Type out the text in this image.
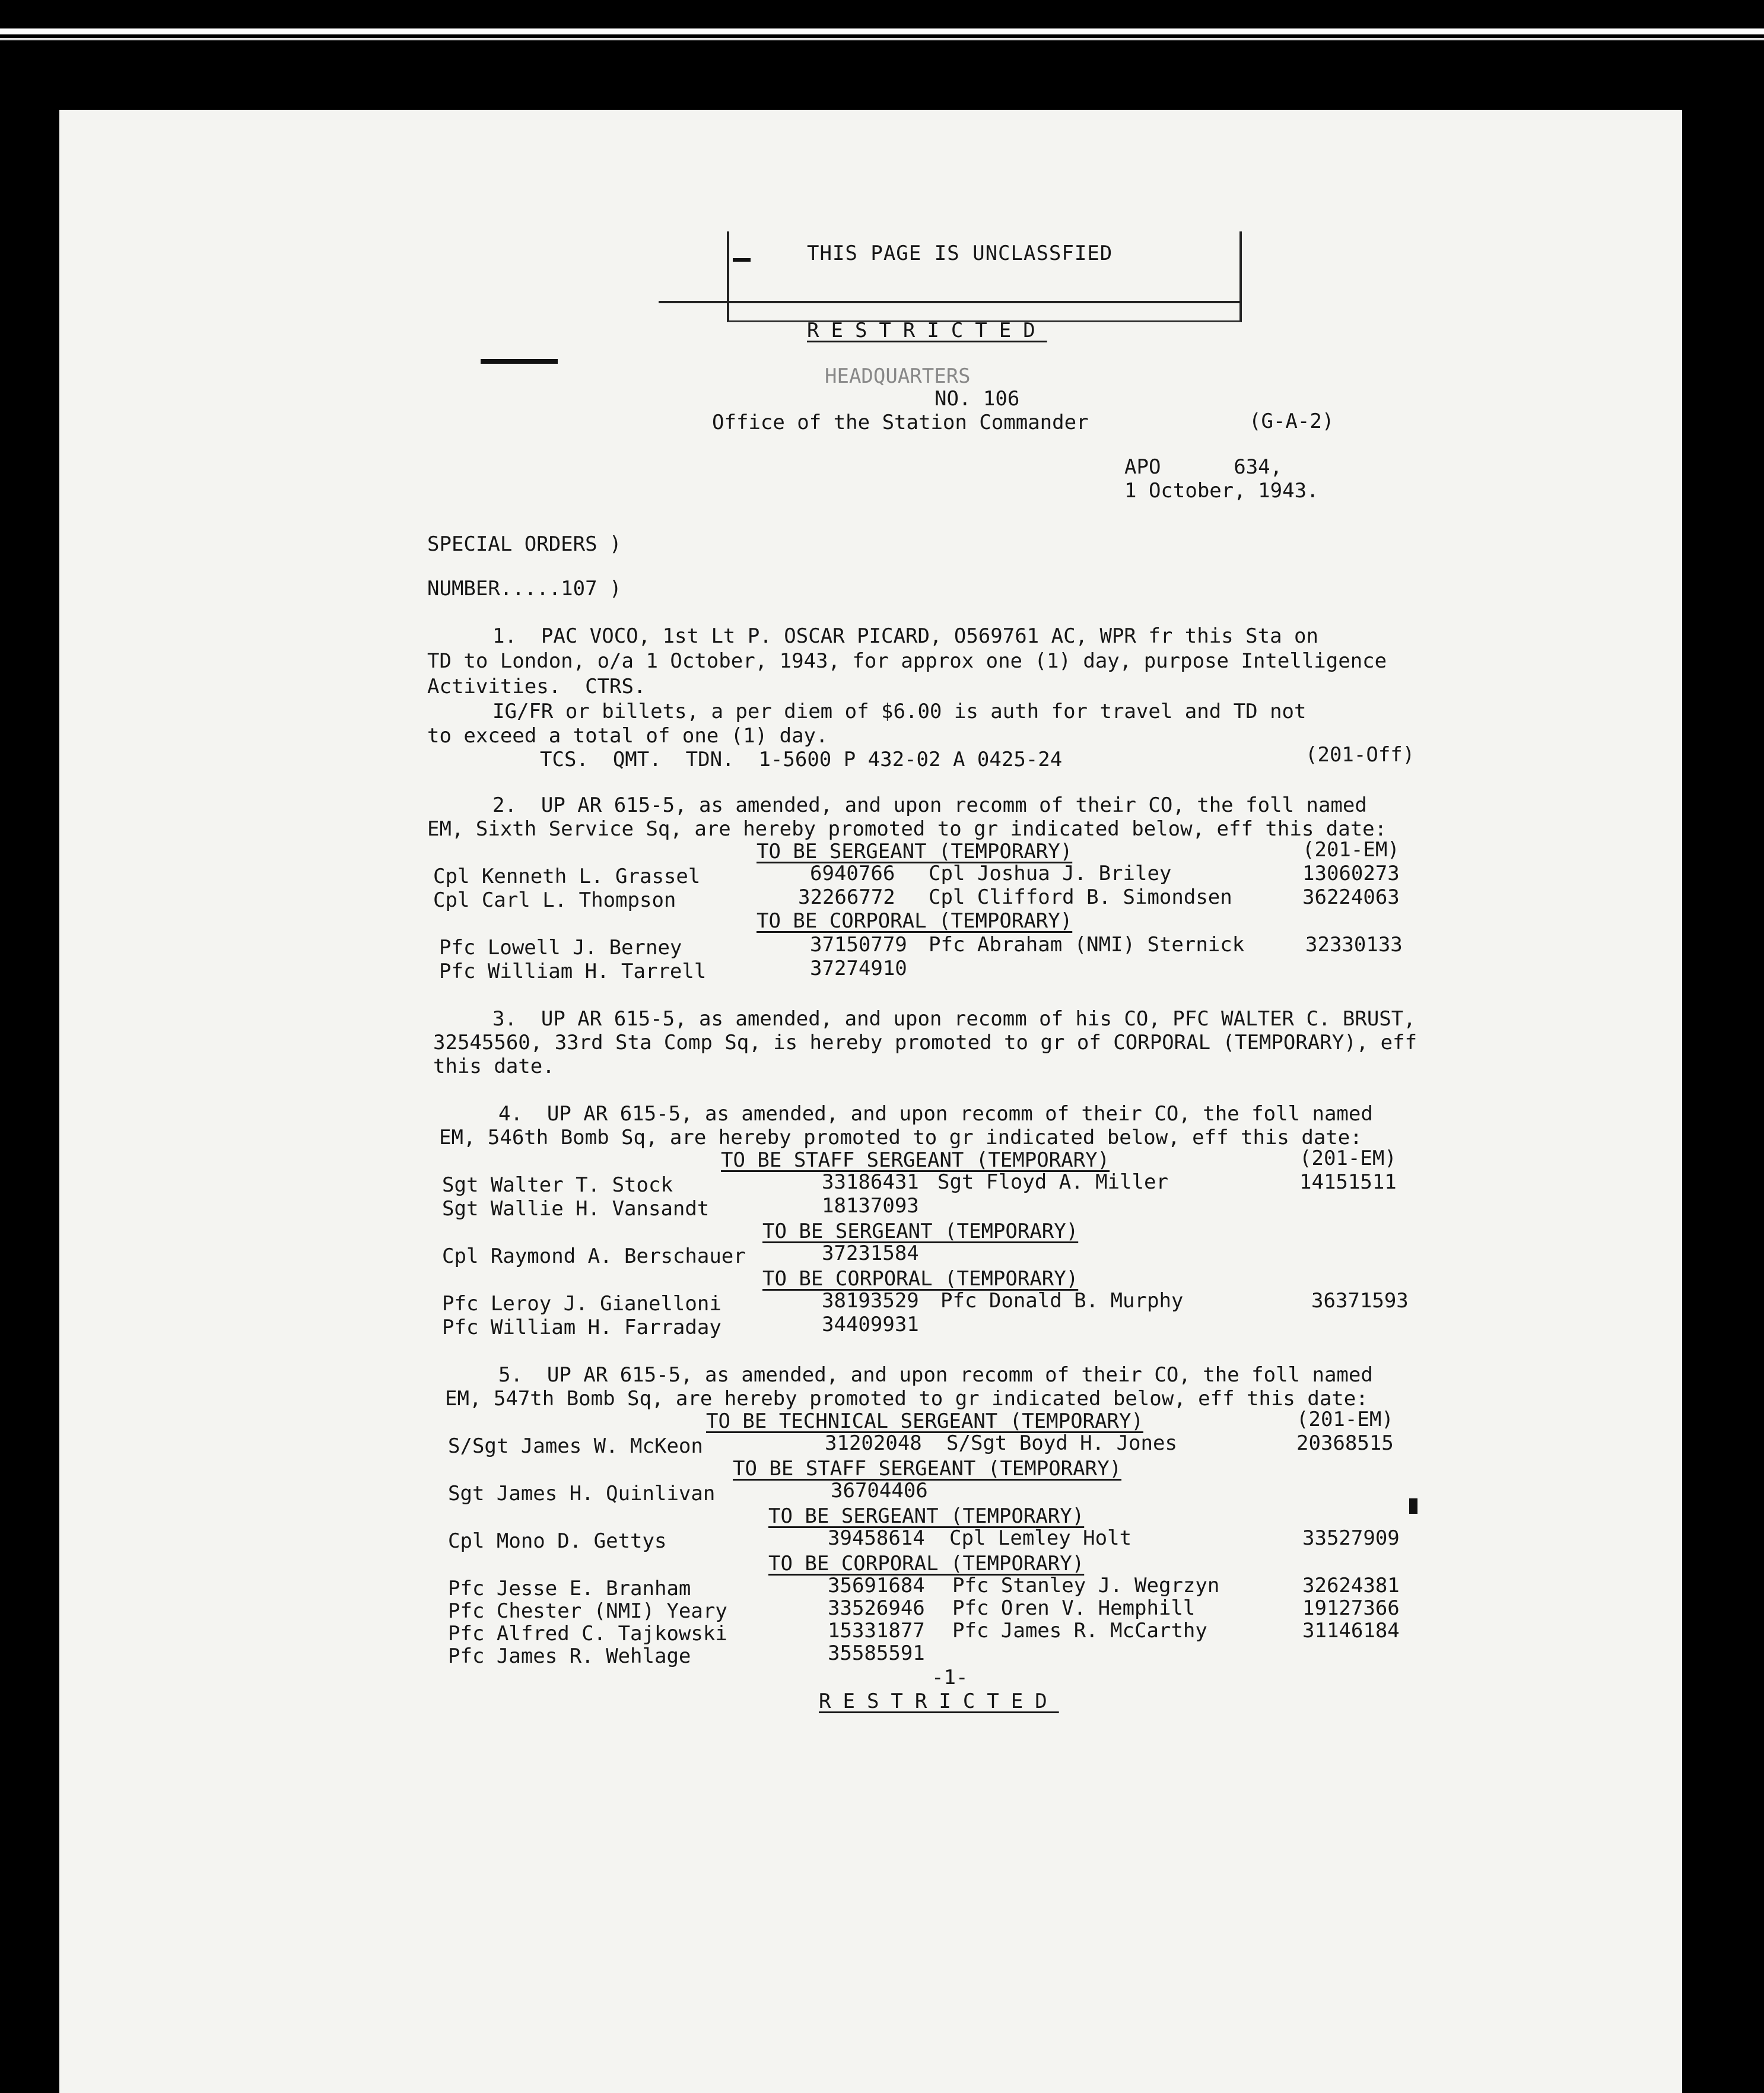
THIS PAGE IS UNCLASSFIED
RESTRICTED
HEADQUARTERS
NO. 106
Office of the Station Commander	(G-A-2)
APO      634,
1 October, 1943.
SPECIAL ORDERS )
NUMBER.....107 )
1.  PAC VOCO, 1st Lt P. OSCAR PICARD, O569761 AC, WPR fr this Sta on
TD to London, o/a 1 October, 1943, for approx one (1) day, purpose Intelligence
Activities.  CTRS.
IG/FR or billets, a per diem of $6.00 is auth for travel and TD not
to exceed a total of one (1) day.
TCS.  QMT.  TDN.  1-5600 P 432-02 A 0425-24	(201-Off)
2.  UP AR 615-5, as amended, and upon recomm of their CO, the foll named
EM, Sixth Service Sq, are hereby promoted to gr indicated below, eff this date:
TO BE SERGEANT (TEMPORARY)	(201-EM)
Cpl Kenneth L. Grassel	6940766 Cpl Joshua J. Briley	13060273
Cpl Carl L. Thompson	32266772 Cpl Clifford B. Simondsen	36224063
TO BE CORPORAL (TEMPORARY)
Pfc Lowell J. Berney	37150779 Pfc Abraham (NMI) Sternick	32330133
Pfc William H. Tarrell	37274910
3.  UP AR 615-5, as amended, and upon recomm of his CO, PFC WALTER C. BRUST,
32545560, 33rd Sta Comp Sq, is hereby promoted to gr of CORPORAL (TEMPORARY), eff
this date.
4.  UP AR 615-5, as amended, and upon recomm of their CO, the foll named
EM, 546th Bomb Sq, are hereby promoted to gr indicated below, eff this date:
TO BE STAFF SERGEANT (TEMPORARY)	(201-EM)
Sgt Walter T. Stock	33186431 Sgt Floyd A. Miller	14151511
Sgt Wallie H. Vansandt	18137093
TO BE SERGEANT (TEMPORARY)
Cpl Raymond A. Berschauer	37231584
TO BE CORPORAL (TEMPORARY)
Pfc Leroy J. Gianelloni	38193529 Pfc Donald B. Murphy	36371593
Pfc William H. Farraday	34409931
5.  UP AR 615-5, as amended, and upon recomm of their CO, the foll named
EM, 547th Bomb Sq, are hereby promoted to gr indicated below, eff this date:
TO BE TECHNICAL SERGEANT (TEMPORARY)	(201-EM)
S/Sgt James W. McKeon	31202048 S/Sgt Boyd H. Jones	20368515
TO BE STAFF SERGEANT (TEMPORARY)
Sgt James H. Quinlivan	36704406
TO BE SERGEANT (TEMPORARY)
Cpl Mono D. Gettys	39458614 Cpl Lemley Holt	33527909
TO BE CORPORAL (TEMPORARY)
Pfc Jesse E. Branham	35691684 Pfc Stanley J. Wegrzyn	32624381
Pfc Chester (NMI) Yeary	33526946 Pfc Oren V. Hemphill	19127366
Pfc Alfred C. Tajkowski	15331877 Pfc James R. McCarthy	31146184
Pfc James R. Wehlage	35585591
-1-
RESTRICTED
